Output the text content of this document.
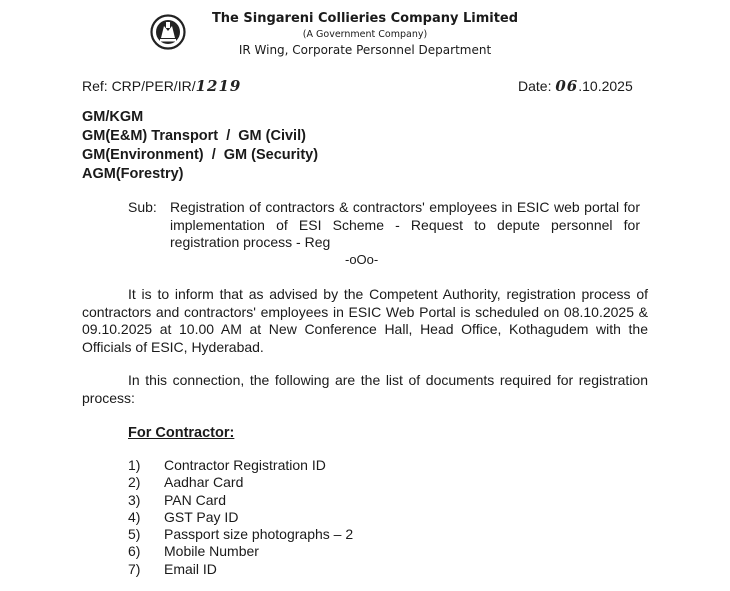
The Singareni Collieries Company Limited
(A Government Company)
IR Wing, Corporate Personnel Department
Ref: CRP/PER/IR/1219	Date: 06.10.2025
GM/KGM
GM(E&M) Transport  /  GM (Civil)
GM(Environment)  /  GM (Security)
AGM(Forestry)
Sub: Registration of contractors & contractors' employees in ESIC web portal for implementation of ESI Scheme - Request to depute personnel for registration process - Reg
-oOo-
It is to inform that as advised by the Competent Authority, registration process of contractors and contractors' employees in ESIC Web Portal is scheduled on 08.10.2025 & 09.10.2025 at 10.00 AM at New Conference Hall, Head Office, Kothagudem with the Officials of ESIC, Hyderabad.
In this connection, the following are the list of documents required for registration process:
For Contractor:
1)	Contractor Registration ID
2)	Aadhar Card
3)	PAN Card
4)	GST Pay ID
5)	Passport size photographs – 2
6)	Mobile Number
7)	Email ID
